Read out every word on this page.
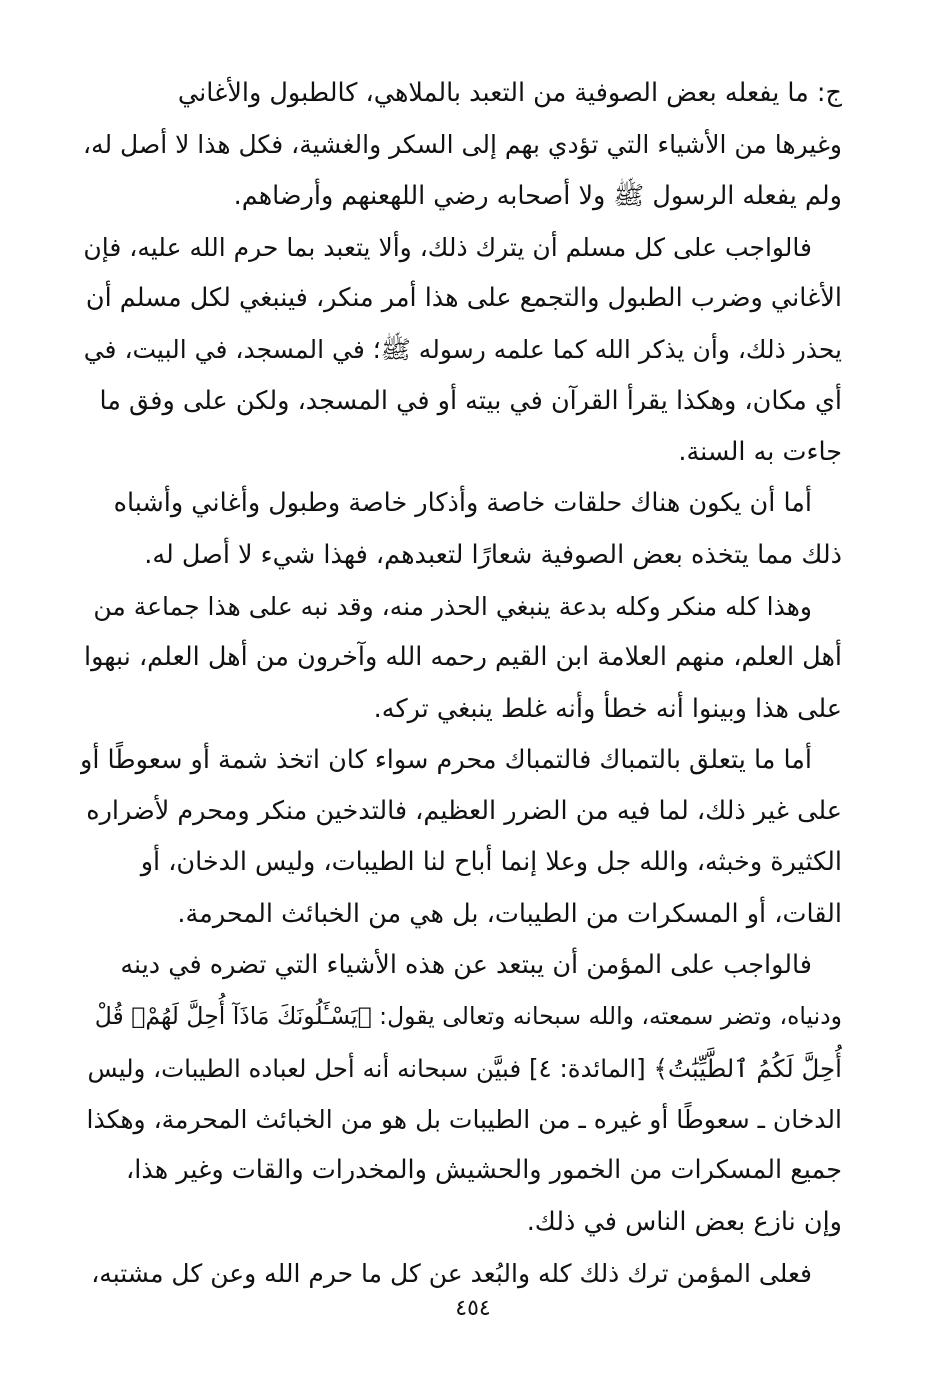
ج: ما يفعله بعض الصوفية من التعبد بالملاهي، كالطبول والأغاني
وغيرها من الأشياء التي تؤدي بهم إلى السكر والغشية، فكل هذا لا أصل له،
ولم يفعله الرسول ﷺ ولا أصحابه رضي اللهعنهم وأرضاهم.
فالواجب على كل مسلم أن يترك ذلك، وألا يتعبد بما حرم الله عليه، فإن
الأغاني وضرب الطبول والتجمع على هذا أمر منكر، فينبغي لكل مسلم أن
يحذر ذلك، وأن يذكر الله كما علمه رسوله ﷺ؛ في المسجد، في البيت، في
أي مكان، وهكذا يقرأ القرآن في بيته أو في المسجد، ولكن على وفق ما
جاءت به السنة.
أما أن يكون هناك حلقات خاصة وأذكار خاصة وطبول وأغاني وأشباه
ذلك مما يتخذه بعض الصوفية شعارًا لتعبدهم، فهذا شيء لا أصل له.
وهذا كله منكر وكله بدعة ينبغي الحذر منه، وقد نبه على هذا جماعة من
أهل العلم، منهم العلامة ابن القيم رحمه الله وآخرون من أهل العلم، نبهوا
على هذا وبينوا أنه خطأ وأنه غلط ينبغي تركه.
أما ما يتعلق بالتمباك فالتمباك محرم سواء كان اتخذ شمة أو سعوطًا أو
على غير ذلك، لما فيه من الضرر العظيم، فالتدخين منكر ومحرم لأضراره
الكثيرة وخبثه، والله جل وعلا إنما أباح لنا الطيبات، وليس الدخان، أو
القات، أو المسكرات من الطيبات، بل هي من الخبائث المحرمة.
فالواجب على المؤمن أن يبتعد عن هذه الأشياء التي تضره في دينه
ودنياه، وتضر سمعته، والله سبحانه وتعالى يقول: ﴿يَسْـَٔلُونَكَ مَاذَآ أُحِلَّ لَهُمْۖ قُلْ
أُحِلَّ لَكُمُ ٱلطَّيِّبَٰتُ﴾ [المائدة: ٤] فبيَّن سبحانه أنه أحل لعباده الطيبات، وليس
الدخان ـ سعوطًا أو غيره ـ من الطيبات بل هو من الخبائث المحرمة، وهكذا
جميع المسكرات من الخمور والحشيش والمخدرات والقات وغير هذا،
وإن نازع بعض الناس في ذلك.
فعلى المؤمن ترك ذلك كله والبُعد عن كل ما حرم الله وعن كل مشتبه،
٤٥٤
